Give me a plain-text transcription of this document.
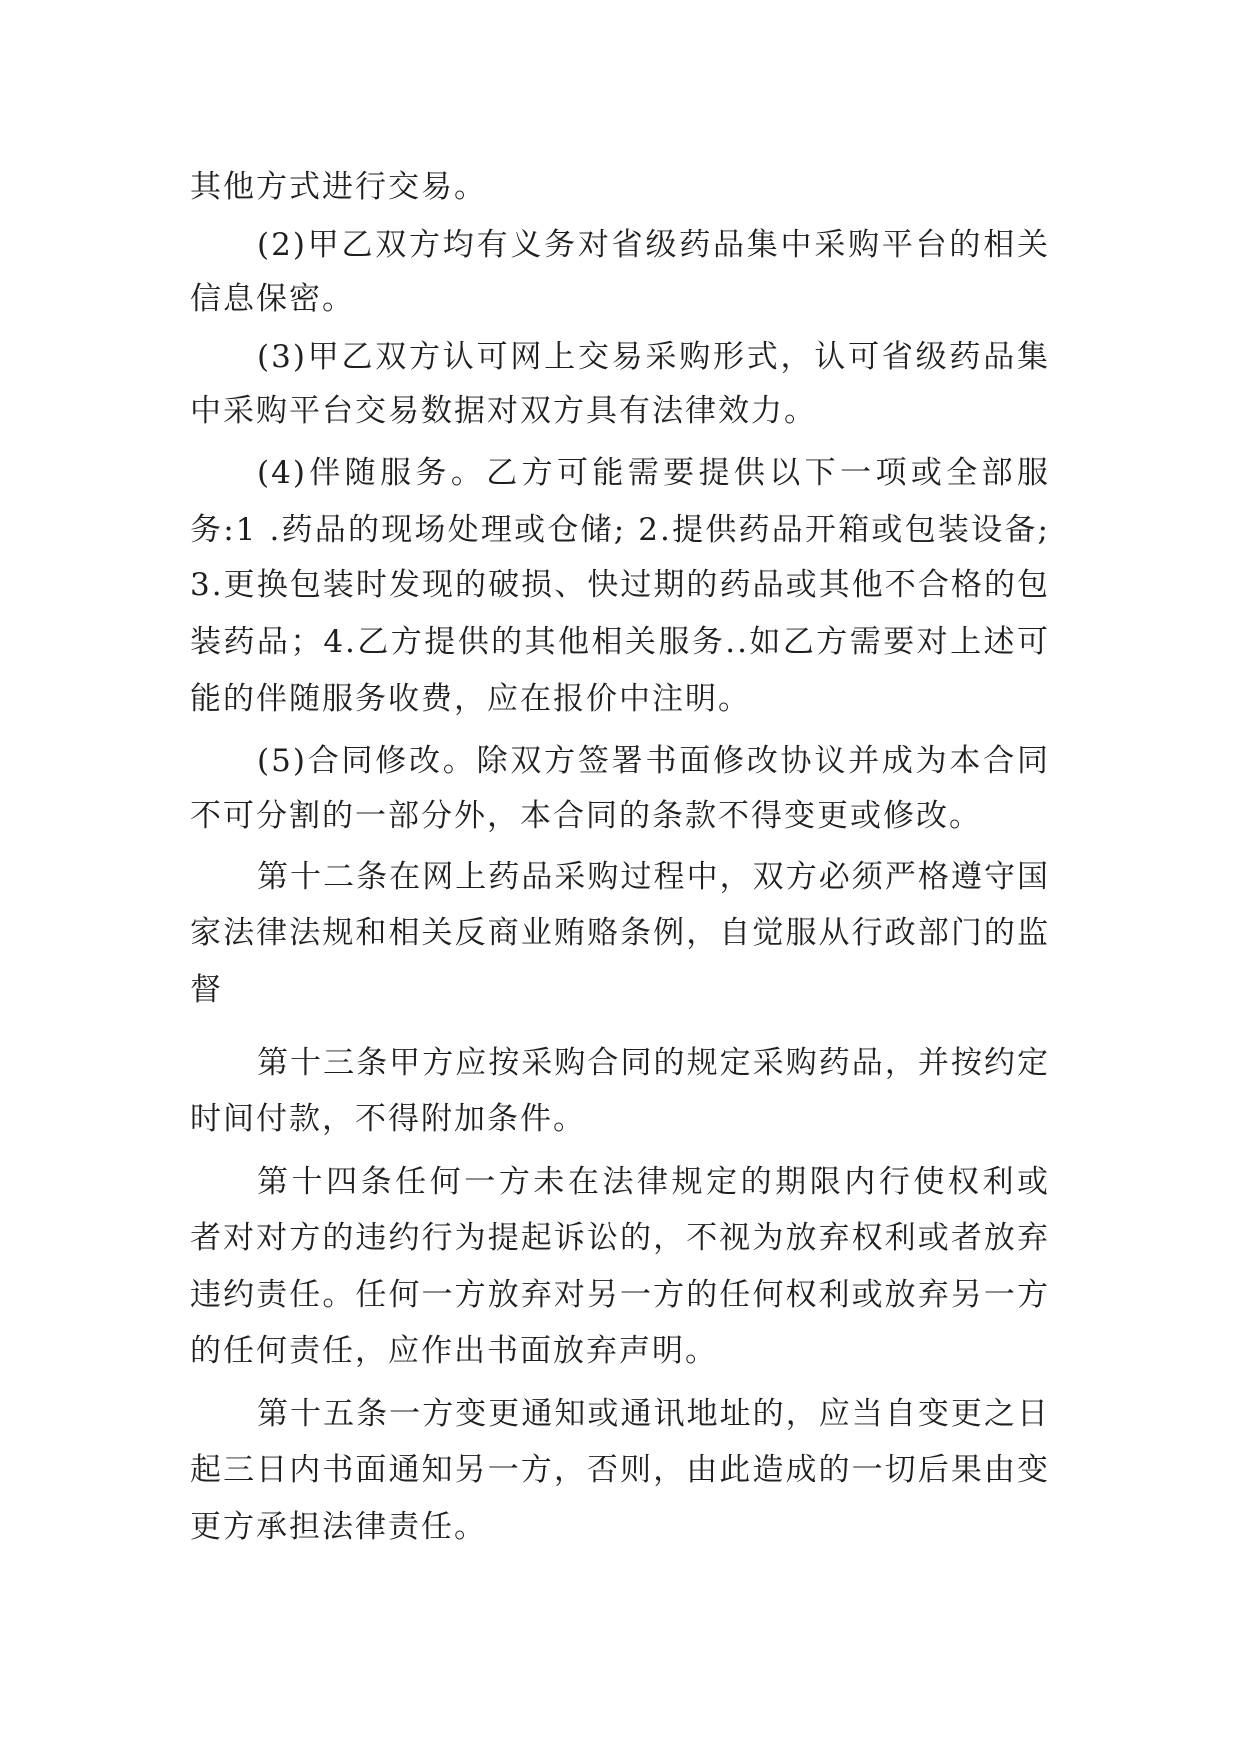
其他方式进行交易。
(2)甲乙双方均有义务对省级药品集中采购平台的相关
信息保密。
(3)甲乙双方认可网上交易采购形式，认可省级药品集
中采购平台交易数据对双方具有法律效力。
(4)伴随服务。乙方可能需要提供以下一项或全部服
务:1 .药品的现场处理或仓储; 2.提供药品开箱或包装设备;
3.更换包装时发现的破损、快过期的药品或其他不合格的包
装药品；4.乙方提供的其他相关服务..如乙方需要对上述可
能的伴随服务收费，应在报价中注明。
(5)合同修改。除双方签署书面修改协议并成为本合同
不可分割的一部分外，本合同的条款不得变更或修改。
第十二条在网上药品采购过程中，双方必须严格遵守国
家法律法规和相关反商业贿赂条例，自觉服从行政部门的监
督
第十三条甲方应按采购合同的规定采购药品，并按约定
时间付款，不得附加条件。
第十四条任何一方未在法律规定的期限内行使权利或
者对对方的违约行为提起诉讼的，不视为放弃权利或者放弃
违约责任。任何一方放弃对另一方的任何权利或放弃另一方
的任何责任，应作出书面放弃声明。
第十五条一方变更通知或通讯地址的，应当自变更之日
起三日内书面通知另一方，否则，由此造成的一切后果由变
更方承担法律责任。
